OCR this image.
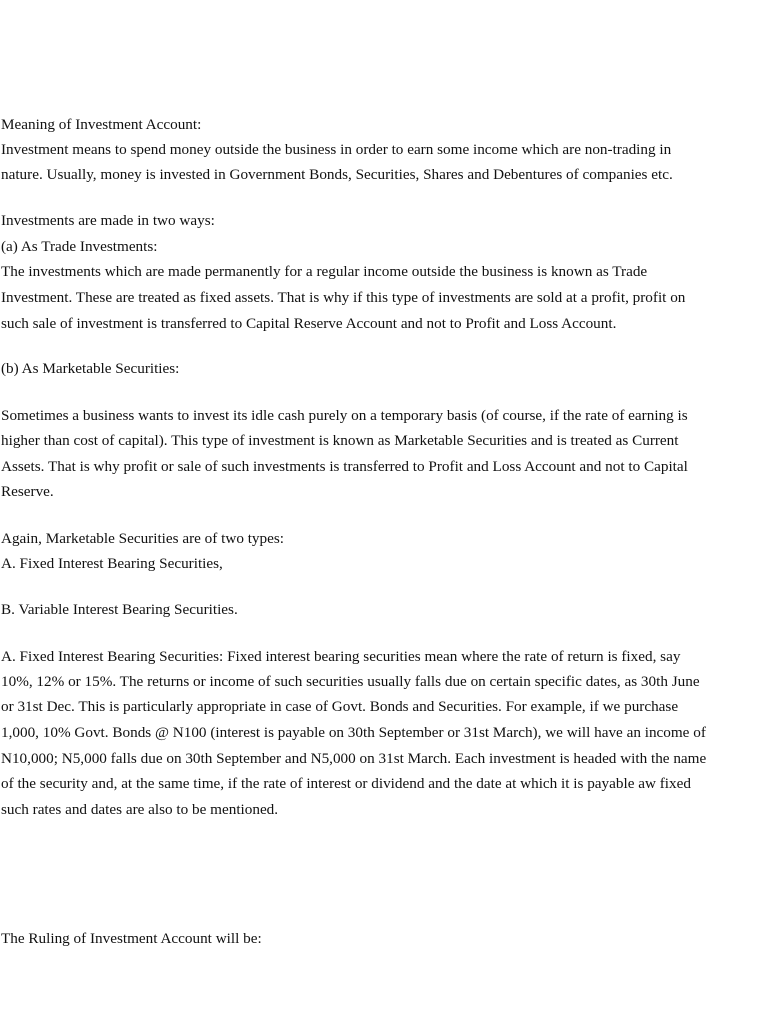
Meaning of Investment Account:

Investment means to spend money outside the business in order to earn some income which are non-trading in

nature. Usually, money is invested in Government Bonds, Securities, Shares and Debentures of companies etc.

Investments are made in two ways:

(a) As Trade Investments:

The investments which are made permanently for a regular income outside the business is known as Trade

Investment. These are treated as fixed assets. That is why if this type of investments are sold at a profit, profit on

such sale of investment is transferred to Capital Reserve Account and not to Profit and Loss Account.

(b) As Marketable Securities:

Sometimes a business wants to invest its idle cash purely on a temporary basis (of course, if the rate of earning is

higher than cost of capital). This type of investment is known as Marketable Securities and is treated as Current

Assets. That is why profit or sale of such investments is transferred to Profit and Loss Account and not to Capital

Reserve.

Again, Marketable Securities are of two types:

A. Fixed Interest Bearing Securities,

B. Variable Interest Bearing Securities.

A. Fixed Interest Bearing Securities: Fixed interest bearing securities mean where the rate of return is fixed, say

10%, 12% or 15%. The returns or income of such securities usually falls due on certain specific dates, as 30th June

or 31st Dec. This is particularly appropriate in case of Govt. Bonds and Securities. For example, if we purchase

1,000, 10% Govt. Bonds @ N100 (interest is payable on 30th September or 31st March), we will have an income of

N10,000; N5,000 falls due on 30th September and N5,000 on 31st March. Each investment is headed with the name

of the security and, at the same time, if the rate of interest or dividend and the date at which it is payable aw fixed

such rates and dates are also to be mentioned.

The Ruling of Investment Account will be:
